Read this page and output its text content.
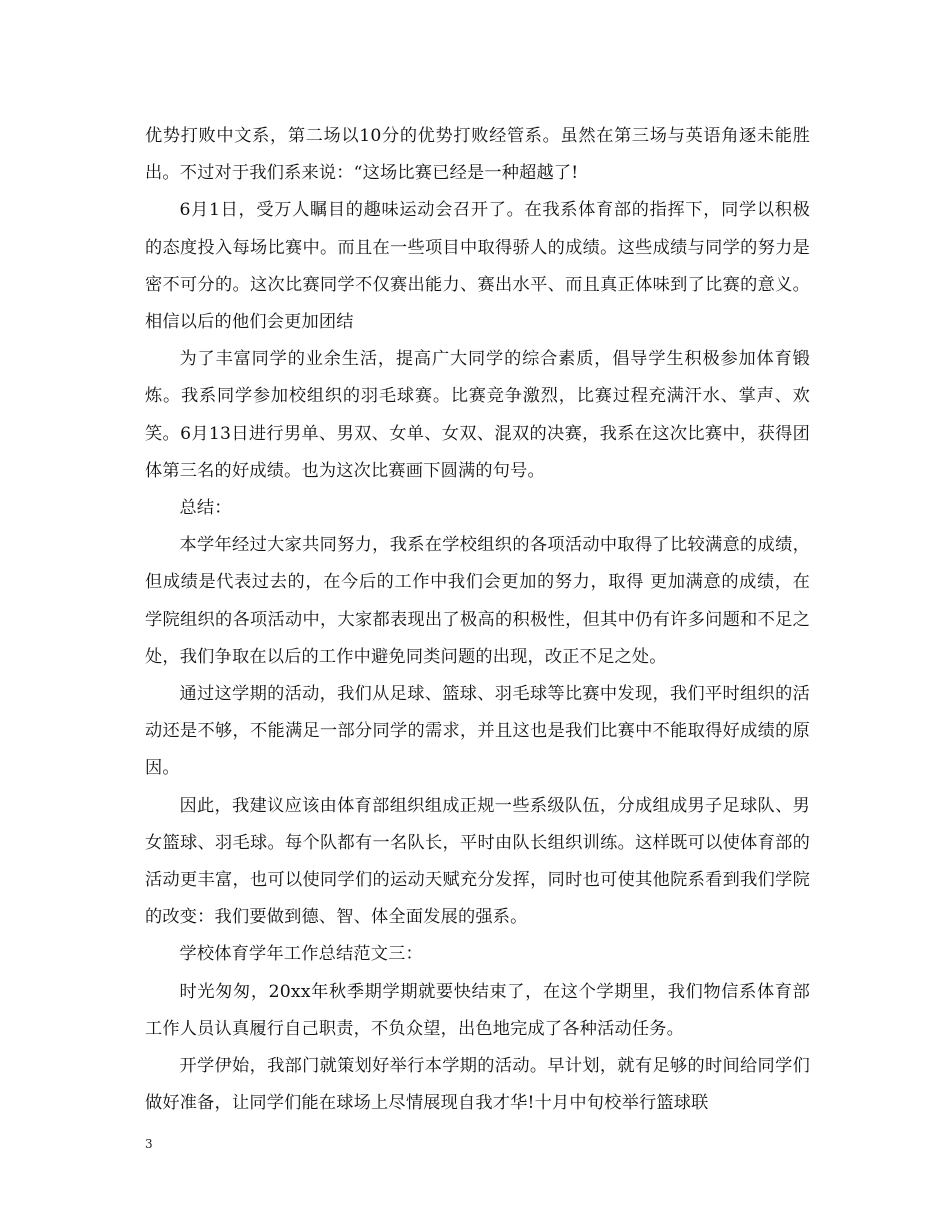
优势打败中文系，第二场以10分的优势打败经管系。虽然在第三场与英语角逐未能胜出。不过对于我们系来说：“这场比赛已经是一种超越了!

6月1日，受万人瞩目的趣味运动会召开了。在我系体育部的指挥下，同学以积极的态度投入每场比赛中。而且在一些项目中取得骄人的成绩。这些成绩与同学的努力是密不可分的。这次比赛同学不仅赛出能力、赛出水平、而且真正体味到了比赛的意义。相信以后的他们会更加团结

为了丰富同学的业余生活，提高广大同学的综合素质，倡导学生积极参加体育锻炼。我系同学参加校组织的羽毛球赛。比赛竞争激烈，比赛过程充满汗水、掌声、欢笑。6月13日进行男单、男双、女单、女双、混双的决赛，我系在这次比赛中，获得团体第三名的好成绩。也为这次比赛画下圆满的句号。

总结：

本学年经过大家共同努力，我系在学校组织的各项活动中取得了比较满意的成绩，但成绩是代表过去的，在今后的工作中我们会更加的努力，取得 更加满意的成绩，在学院组织的各项活动中，大家都表现出了极高的积极性，但其中仍有许多问题和不足之处，我们争取在以后的工作中避免同类问题的出现，改正不足之处。

通过这学期的活动，我们从足球、篮球、羽毛球等比赛中发现，我们平时组织的活动还是不够，不能满足一部分同学的需求，并且这也是我们比赛中不能取得好成绩的原因。

因此，我建议应该由体育部组织组成正规一些系级队伍，分成组成男子足球队、男女篮球、羽毛球。每个队都有一名队长，平时由队长组织训练。这样既可以使体育部的活动更丰富，也可以使同学们的运动天赋充分发挥，同时也可使其他院系看到我们学院的改变：我们要做到德、智、体全面发展的强系。

学校体育学年工作总结范文三：

时光匆匆，20xx年秋季期学期就要快结束了，在这个学期里，我们物信系体育部工作人员认真履行自己职责，不负众望，出色地完成了各种活动任务。

开学伊始，我部门就策划好举行本学期的活动。早计划，就有足够的时间给同学们做好准备，让同学们能在球场上尽情展现自我才华!十月中旬校举行篮球联

3
